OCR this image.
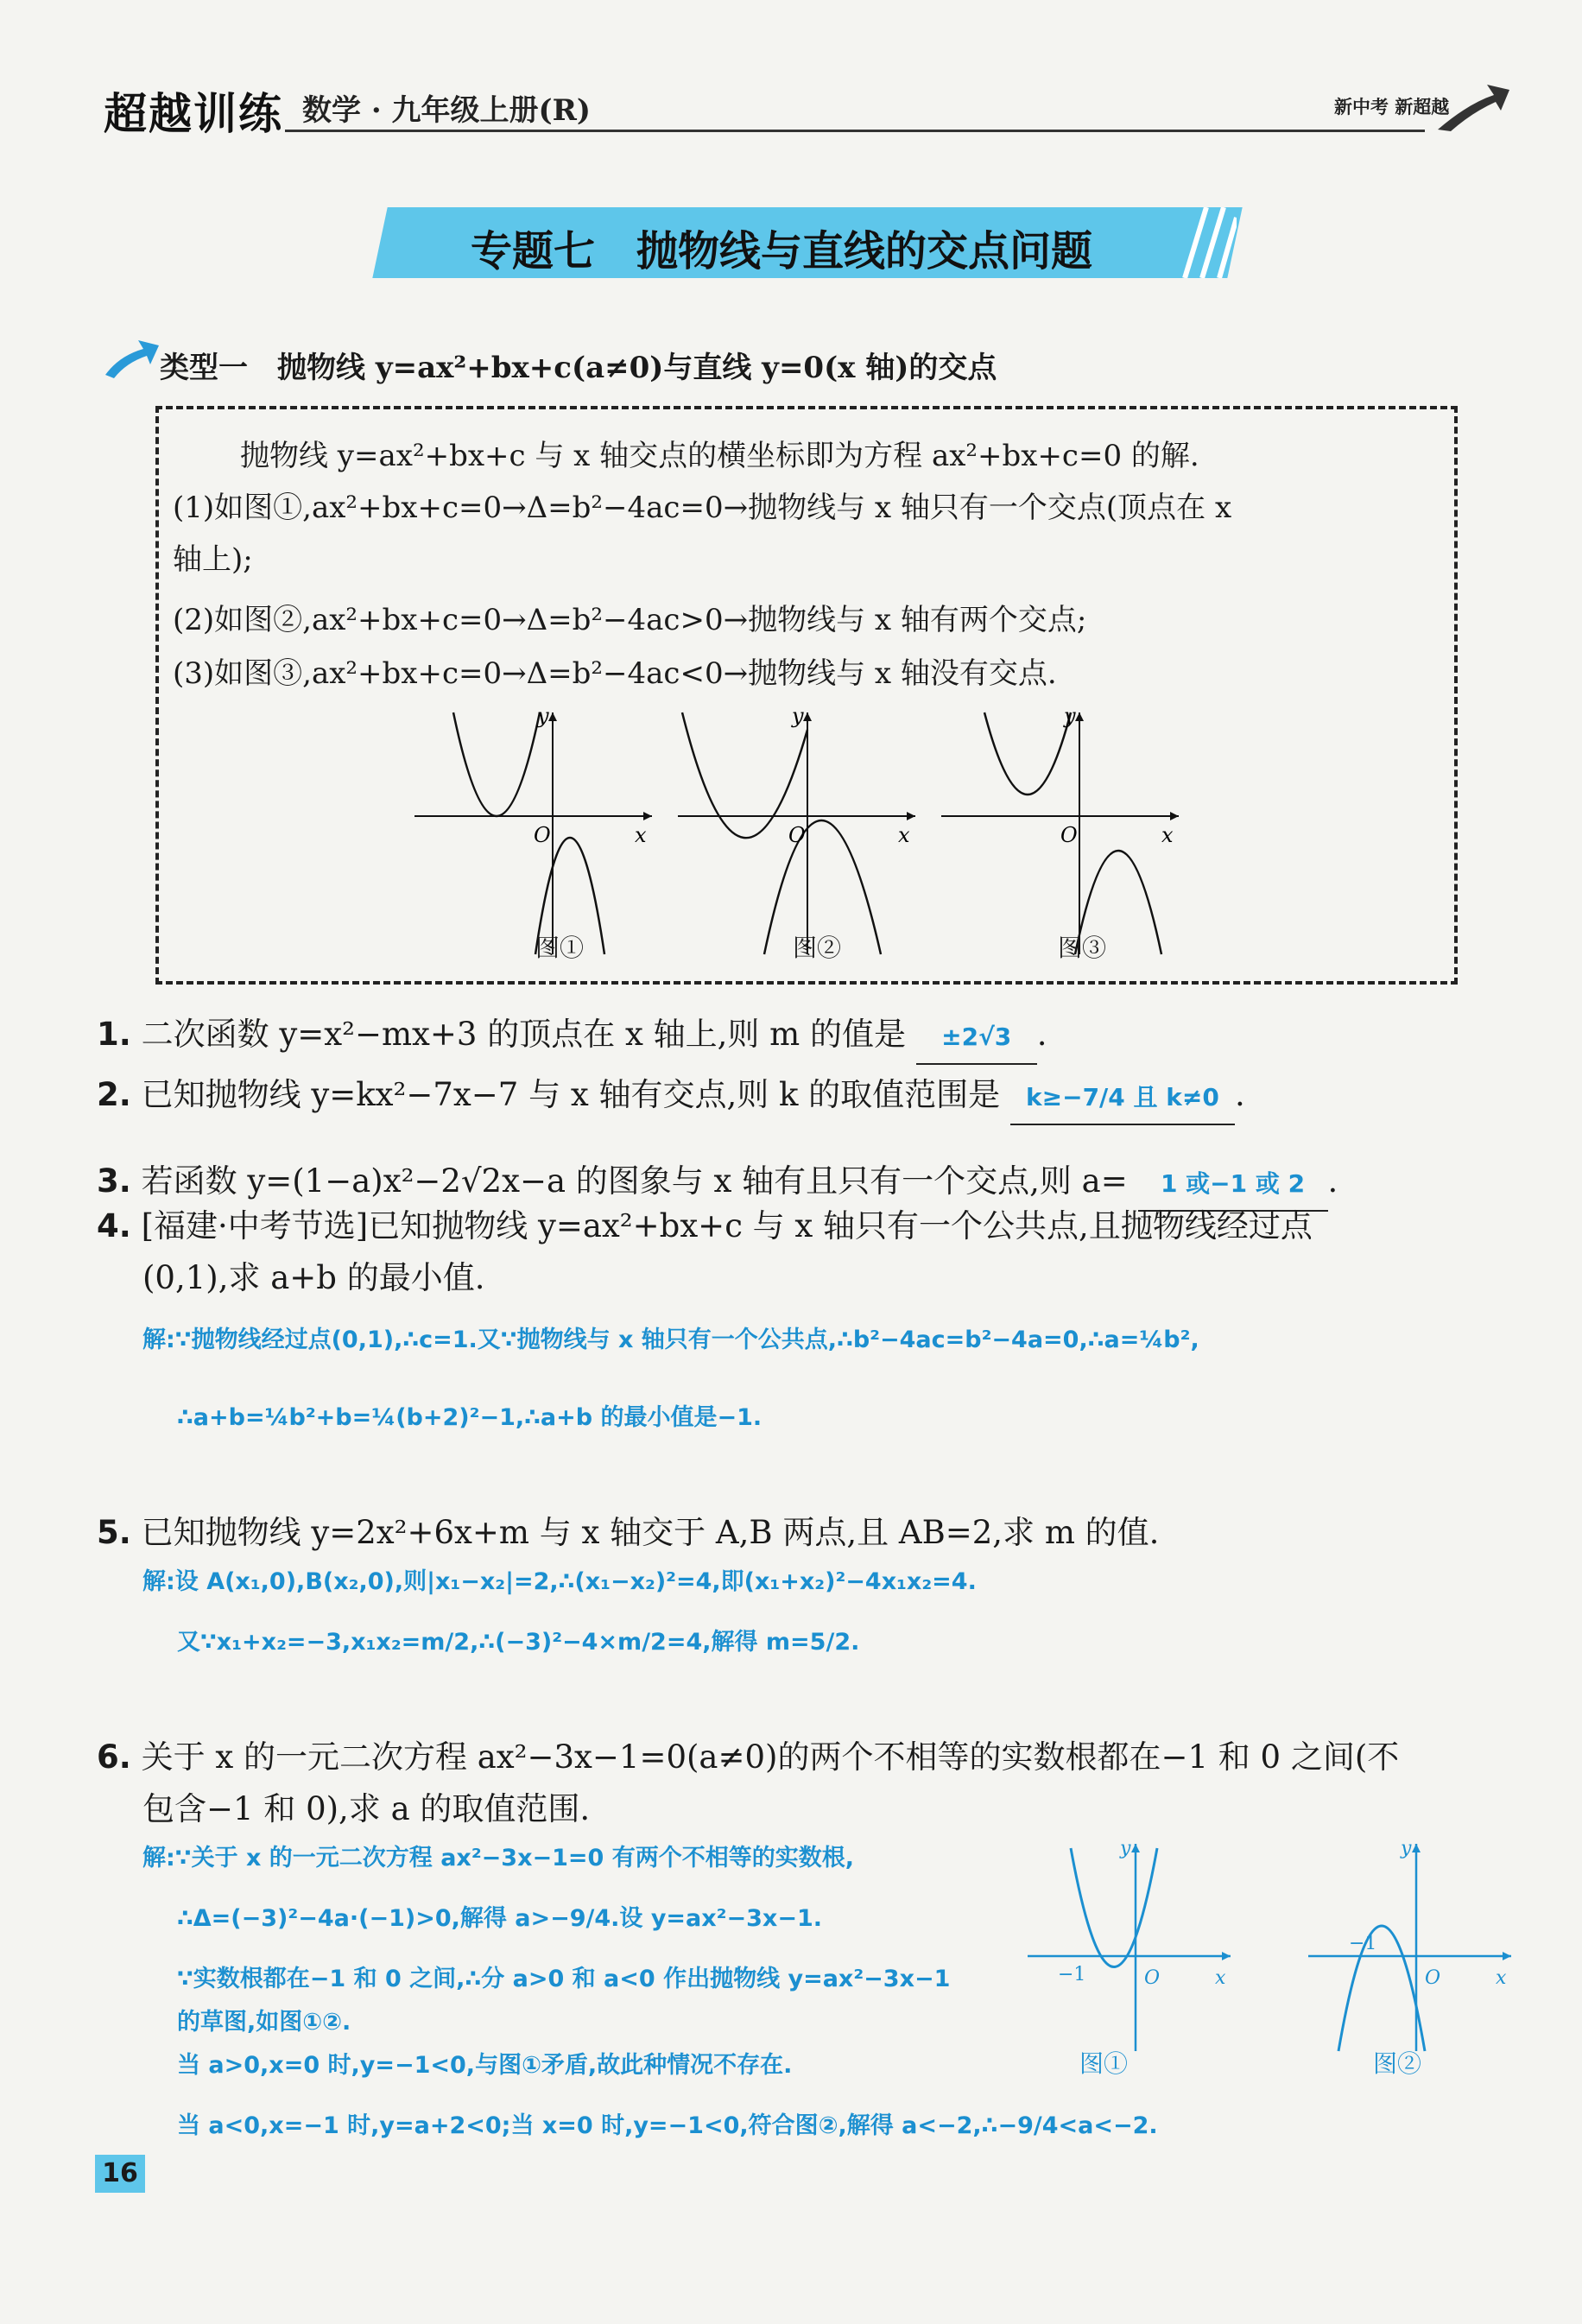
超越训练 数学 · 九年级上册(R)	新中考 新超越
专题七　抛物线与直线的交点问题
类型一　抛物线 y=ax²+bx+c(a≠0)与直线 y=0(x 轴)的交点
抛物线 y=ax²+bx+c 与 x 轴交点的横坐标即为方程 ax²+bx+c=0 的解.
(1)如图①,ax²+bx+c=0→Δ=b²−4ac=0→抛物线与 x 轴只有一个交点(顶点在 x
轴上);
(2)如图②,ax²+bx+c=0→Δ=b²−4ac>0→抛物线与 x 轴有两个交点;
(3)如图③,ax²+bx+c=0→Δ=b²−4ac<0→抛物线与 x 轴没有交点.
O	x
y
图①
O	x
y
图②
O	x
y
图③
1. 二次函数 y=x²−mx+3 的顶点在 x 轴上,则 m 的值是 ±2√3 .
2. 已知抛物线 y=kx²−7x−7 与 x 轴有交点,则 k 的取值范围是 k≥−7/4 且 k≠0 .
3. 若函数 y=(1−a)x²−2√2x−a 的图象与 x 轴有且只有一个交点,则 a= 1 或−1 或 2 .
4. [福建·中考节选]已知抛物线 y=ax²+bx+c 与 x 轴只有一个公共点,且抛物线经过点
(0,1),求 a+b 的最小值.
解:∵抛物线经过点(0,1),∴c=1.又∵抛物线与 x 轴只有一个公共点,∴b²−4ac=b²−4a=0,∴a=¼b²,
∴a+b=¼b²+b=¼(b+2)²−1,∴a+b 的最小值是−1.
5. 已知抛物线 y=2x²+6x+m 与 x 轴交于 A,B 两点,且 AB=2,求 m 的值.
解:设 A(x₁,0),B(x₂,0),则|x₁−x₂|=2,∴(x₁−x₂)²=4,即(x₁+x₂)²−4x₁x₂=4.
又∵x₁+x₂=−3,x₁x₂=m/2,∴(−3)²−4×m/2=4,解得 m=5/2.
6. 关于 x 的一元二次方程 ax²−3x−1=0(a≠0)的两个不相等的实数根都在−1 和 0 之间(不
包含−1 和 0),求 a 的取值范围.
解:∵关于 x 的一元二次方程 ax²−3x−1=0 有两个不相等的实数根,
∴Δ=(−3)²−4a·(−1)>0,解得 a>−9/4.设 y=ax²−3x−1.
∵实数根都在−1 和 0 之间,∴分 a>0 和 a<0 作出抛物线 y=ax²−3x−1
的草图,如图①②.
当 a>0,x=0 时,y=−1<0,与图①矛盾,故此种情况不存在.
当 a<0,x=−1 时,y=a+2<0;当 x=0 时,y=−1<0,符合图②,解得 a<−2,∴−9/4<a<−2.
−1	O	x
y
图①
−1
O	x
y
图②
16
